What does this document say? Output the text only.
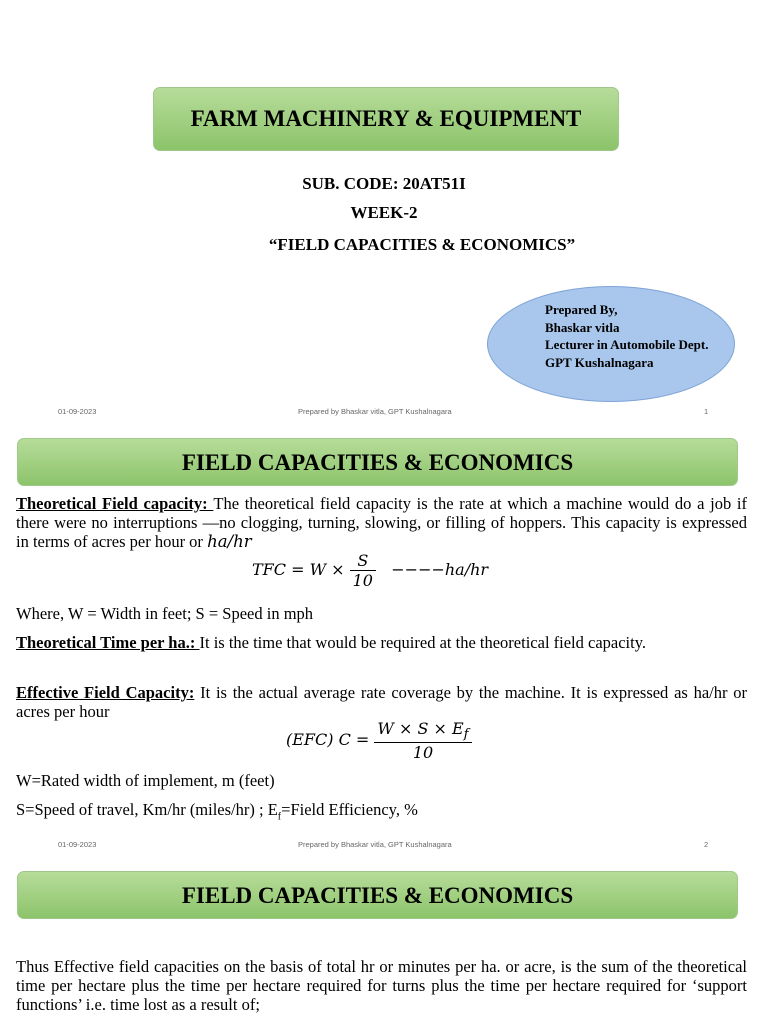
FARM MACHINERY & EQUIPMENT
SUB. CODE: 20AT51I
WEEK-2
“FIELD CAPACITIES & ECONOMICS”
Prepared By,
Bhaskar vitla
Lecturer in Automobile Dept.
GPT Kushalnagara
01-09-2023	Prepared by Bhaskar vitla, GPT Kushalnagara	1
FIELD CAPACITIES & ECONOMICS
Theoretical Field capacity: The theoretical field capacity is the rate at which a machine would do a job if there were no interruptions —no clogging, turning, slowing, or filling of hoppers. This capacity is expressed in terms of acres per hour or ha/hr
TFC = $W \times \frac{S}{10} ----ha/hr$
Where, W = Width in feet; S = Speed in mph
Theoretical Time per ha.: It is the time that would be required at the theoretical field capacity.
Effective Field Capacity: It is the actual average rate coverage by the machine. It is expressed as ha/hr or acres per hour
(EFC) $C = \frac{W \times S \times E_f}{10}$
W=Rated width of implement, m (feet)
S=Speed of travel, Km/hr (miles/hr) ; $E_f=Field$ Efficiency, %
01-09-2023	Prepared by Bhaskar vitla, GPT Kushalnagara	2
FIELD CAPACITIES & ECONOMICS
Thus Effective field capacities on the basis of total hr or minutes per ha. or acre, is the sum of the theoretical time per hectare plus the time per hectare required for turns plus the time per hectare required for ‘support functions’ i.e. time lost as a result of;
